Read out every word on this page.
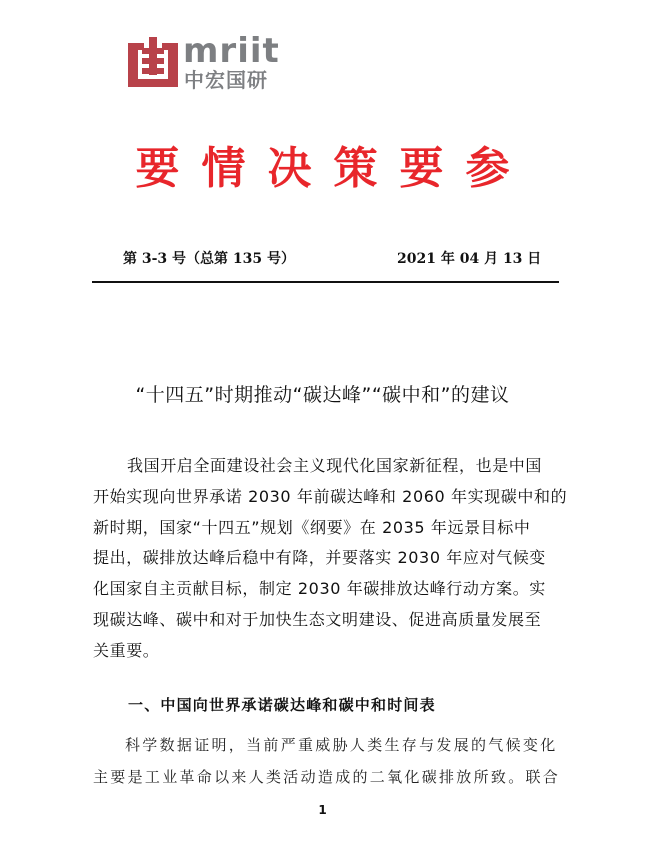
mriit
中宏国研
要情决策要参
第 3-3 号（总第 135 号）	2021 年 04 月 13 日
“十四五”时期推动“碳达峰”“碳中和”的建议

我国开启全面建设社会主义现代化国家新征程，也是中国
开始实现向世界承诺 2030 年前碳达峰和 2060 年实现碳中和的
新时期，国家“十四五”规划《纲要》在 2035 年远景目标中
提出，碳排放达峰后稳中有降，并要落实 2030 年应对气候变
化国家自主贡献目标，制定 2030 年碳排放达峰行动方案。实
现碳达峰、碳中和对于加快生态文明建设、促进高质量发展至
关重要。

一、中国向世界承诺碳达峰和碳中和时间表

科学数据证明，当前严重威胁人类生存与发展的气候变化
主要是工业革命以来人类活动造成的二氧化碳排放所致。联合

1
